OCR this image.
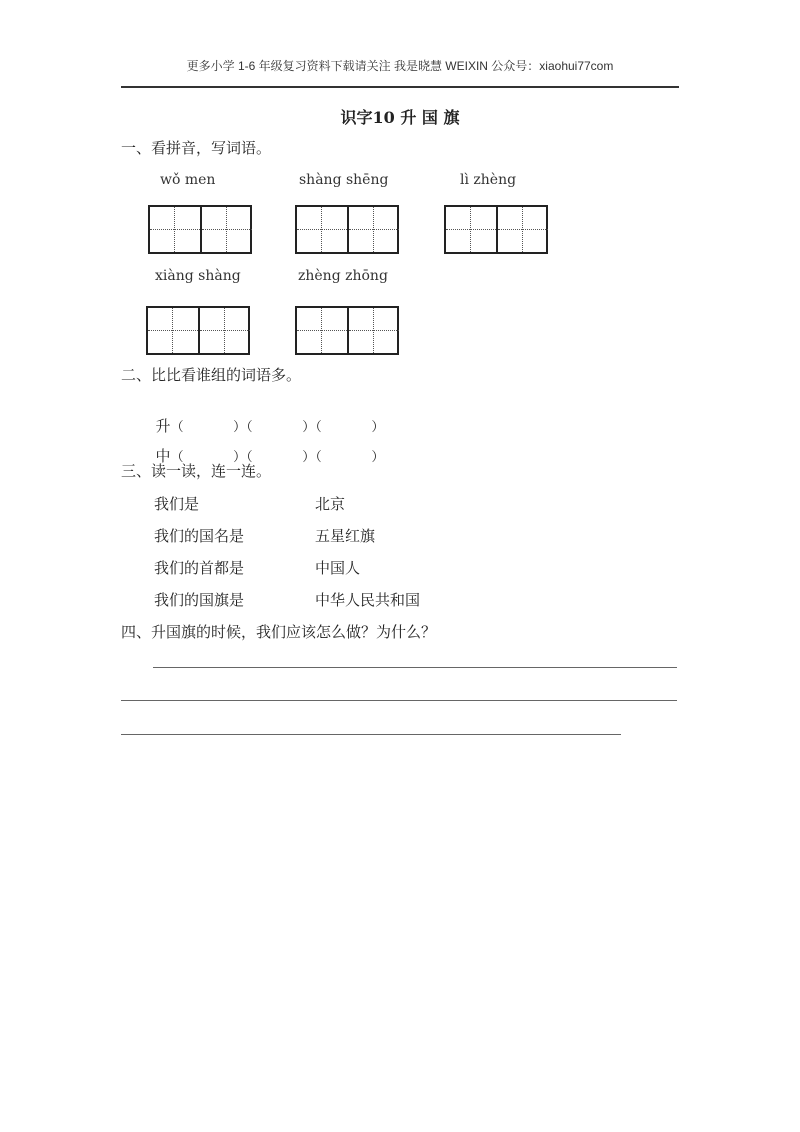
更多小学 1-6 年级复习资料下载请关注 我是晓慧 WEIXIN 公众号：xiaohui77com
识字10 升 国 旗
一、看拼音，写词语。
wǒ men	shàng shēng	lì zhèng
xiàng shàng	zhèng zhōng
二、比比看谁组的词语多。

升（            ）（            ）（            ）

中（            ）（            ）（            ）

三、读一读，连一连。
我们是
我们的国名是
我们的首都是
我们的国旗是
北京
五星红旗
中国人
中华人民共和国
四、升国旗的时候，我们应该怎么做？为什么？
